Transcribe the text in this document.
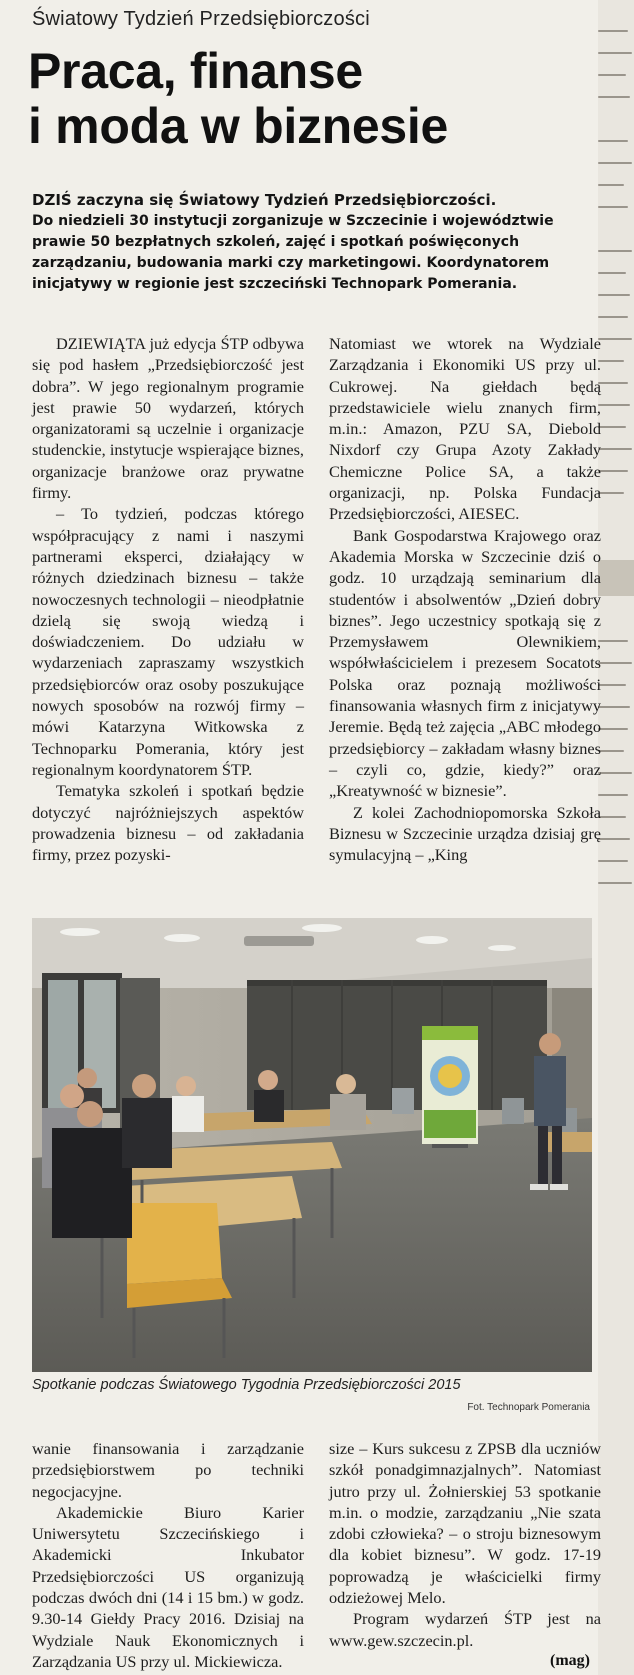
Światowy Tydzień Przedsiębiorczości
Praca, finanse
i moda w biznesie
DZIŚ zaczyna się Światowy Tydzień Przedsiębiorczości.
Do niedzieli 30 instytucji zorganizuje w Szczecinie i województwie prawie 50 bezpłatnych szkoleń, zajęć i spotkań poświęconych zarządzaniu, budowania marki czy marketingowi. Koordynatorem inicjatywy w regionie jest szczeciński Technopark Pomerania.

DZIEWIĄTA już edycja ŚTP odbywa się pod hasłem „Przedsiębiorczość jest dobra”. W jego regionalnym programie jest prawie 50 wydarzeń, których organizatorami są uczelnie i organizacje studenckie, instytucje wspierające biznes, organizacje branżowe oraz prywatne firmy.

– To tydzień, podczas którego współpracujący z nami i naszymi partnerami eksperci, działający w różnych dziedzinach biznesu – także nowoczesnych technologii – nieodpłatnie dzielą się swoją wiedzą i doświadczeniem. Do udziału w wydarzeniach zapraszamy wszystkich przedsiębiorców oraz osoby poszukujące nowych sposobów na rozwój firmy – mówi Katarzyna Witkowska z Technoparku Pomerania, który jest regionalnym koordynatorem ŚTP.

Tematyka szkoleń i spotkań będzie dotyczyć najróżniejszych aspektów prowadzenia biznesu – od zakładania firmy, przez pozyski-

Natomiast we wtorek na Wydziale Zarządzania i Ekonomiki US przy ul. Cukrowej. Na giełdach będą przedstawiciele wielu znanych firm, m.in.: Amazon, PZU SA, Diebold Nixdorf czy Grupa Azoty Zakłady Chemiczne Police SA, a także organizacji, np. Polska Fundacja Przedsiębiorczości, AIESEC.

Bank Gospodarstwa Krajowego oraz Akademia Morska w Szczecinie dziś o godz. 10 urządzają seminarium dla studentów i absolwentów „Dzień dobry biznes”. Jego uczestnicy spotkają się z Przemysławem Olewnikiem, współwłaścicielem i prezesem Socatots Polska oraz poznają możliwości finansowania własnych firm z inicjatywy Jeremie. Będą też zajęcia „ABC młodego przedsiębiorcy – zakładam własny biznes – czyli co, gdzie, kiedy?” oraz „Kreatywność w biznesie”.

Z kolei Zachodniopomorska Szkoła Biznesu w Szczecinie urządza dzisiaj grę symulacyjną – „King

Spotkanie podczas Światowego Tygodnia Przedsiębiorczości 2015
Fot. Technopark Pomerania

wanie finansowania i zarządzanie przedsiębiorstwem po techniki negocjacyjne.

Akademickie Biuro Karier Uniwersytetu Szczecińskiego i Akademicki Inkubator Przedsiębiorczości US organizują podczas dwóch dni (14 i 15 bm.) w godz. 9.30-14 Giełdy Pracy 2016. Dzisiaj na Wydziale Nauk Ekonomicznych i Zarządzania US przy ul. Mickiewicza.

size – Kurs sukcesu z ZPSB dla uczniów szkół ponadgimnazjalnych”. Natomiast jutro przy ul. Żołnierskiej 53 spotkanie m.in. o modzie, zarządzaniu „Nie szata zdobi człowieka? – o stroju biznesowym dla kobiet biznesu”. W godz. 17-19 poprowadzą je właścicielki firmy odzieżowej Melo.

Program wydarzeń ŚTP jest na www.gew.szczecin.pl.

(mag)
